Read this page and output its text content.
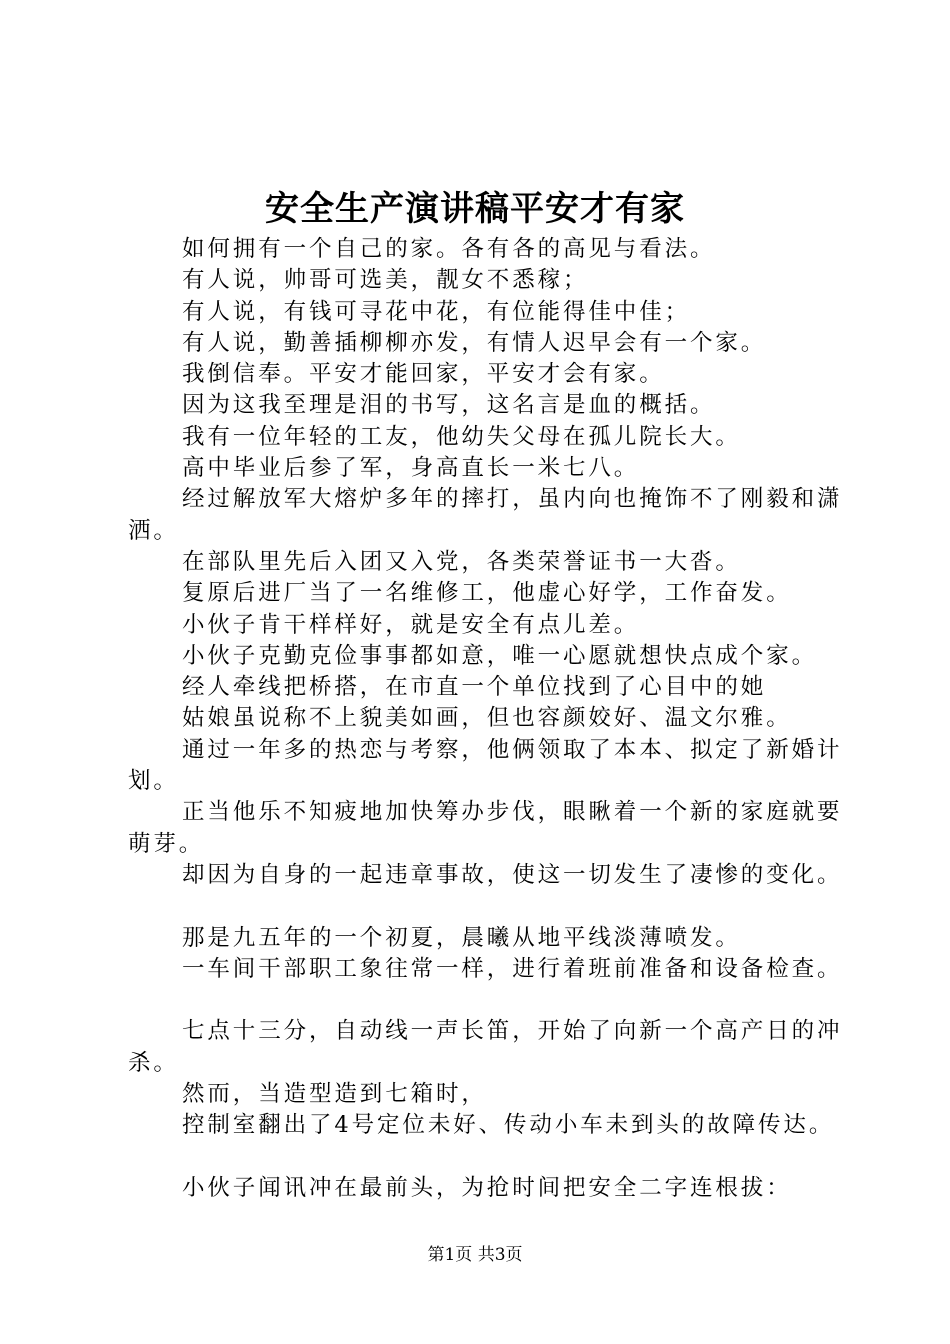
安全生产演讲稿平安才有家

如何拥有一个自己的家。各有各的高见与看法。

有人说，帅哥可选美，靓女不悉稼；

有人说，有钱可寻花中花，有位能得佳中佳；

有人说，勤善插柳柳亦发，有情人迟早会有一个家。

我倒信奉。平安才能回家，平安才会有家。

因为这我至理是泪的书写，这名言是血的概括。

我有一位年轻的工友，他幼失父母在孤儿院长大。

高中毕业后参了军，身高直长一米七八。

经过解放军大熔炉多年的摔打，虽内向也掩饰不了刚毅和潇洒。

在部队里先后入团又入党，各类荣誉证书一大沓。

复原后进厂当了一名维修工，他虚心好学，工作奋发。

小伙子肯干样样好，就是安全有点儿差。

小伙子克勤克俭事事都如意，唯一心愿就想快点成个家。

经人牵线把桥搭，在市直一个单位找到了心目中的她

姑娘虽说称不上貌美如画，但也容颜姣好、温文尔雅。

通过一年多的热恋与考察，他俩领取了本本、拟定了新婚计划。

正当他乐不知疲地加快筹办步伐，眼瞅着一个新的家庭就要萌芽。

却因为自身的一起违章事故，使这一切发生了凄惨的变化。

那是九五年的一个初夏，晨曦从地平线淡薄喷发。

一车间干部职工象往常一样，进行着班前准备和设备检查。

七点十三分，自动线一声长笛，开始了向新一个高产日的冲杀。

然而，当造型造到七箱时，

控制室翻出了4号定位未好、传动小车未到头的故障传达。

小伙子闻讯冲在最前头，为抢时间把安全二字连根拔：

第1页 共3页
